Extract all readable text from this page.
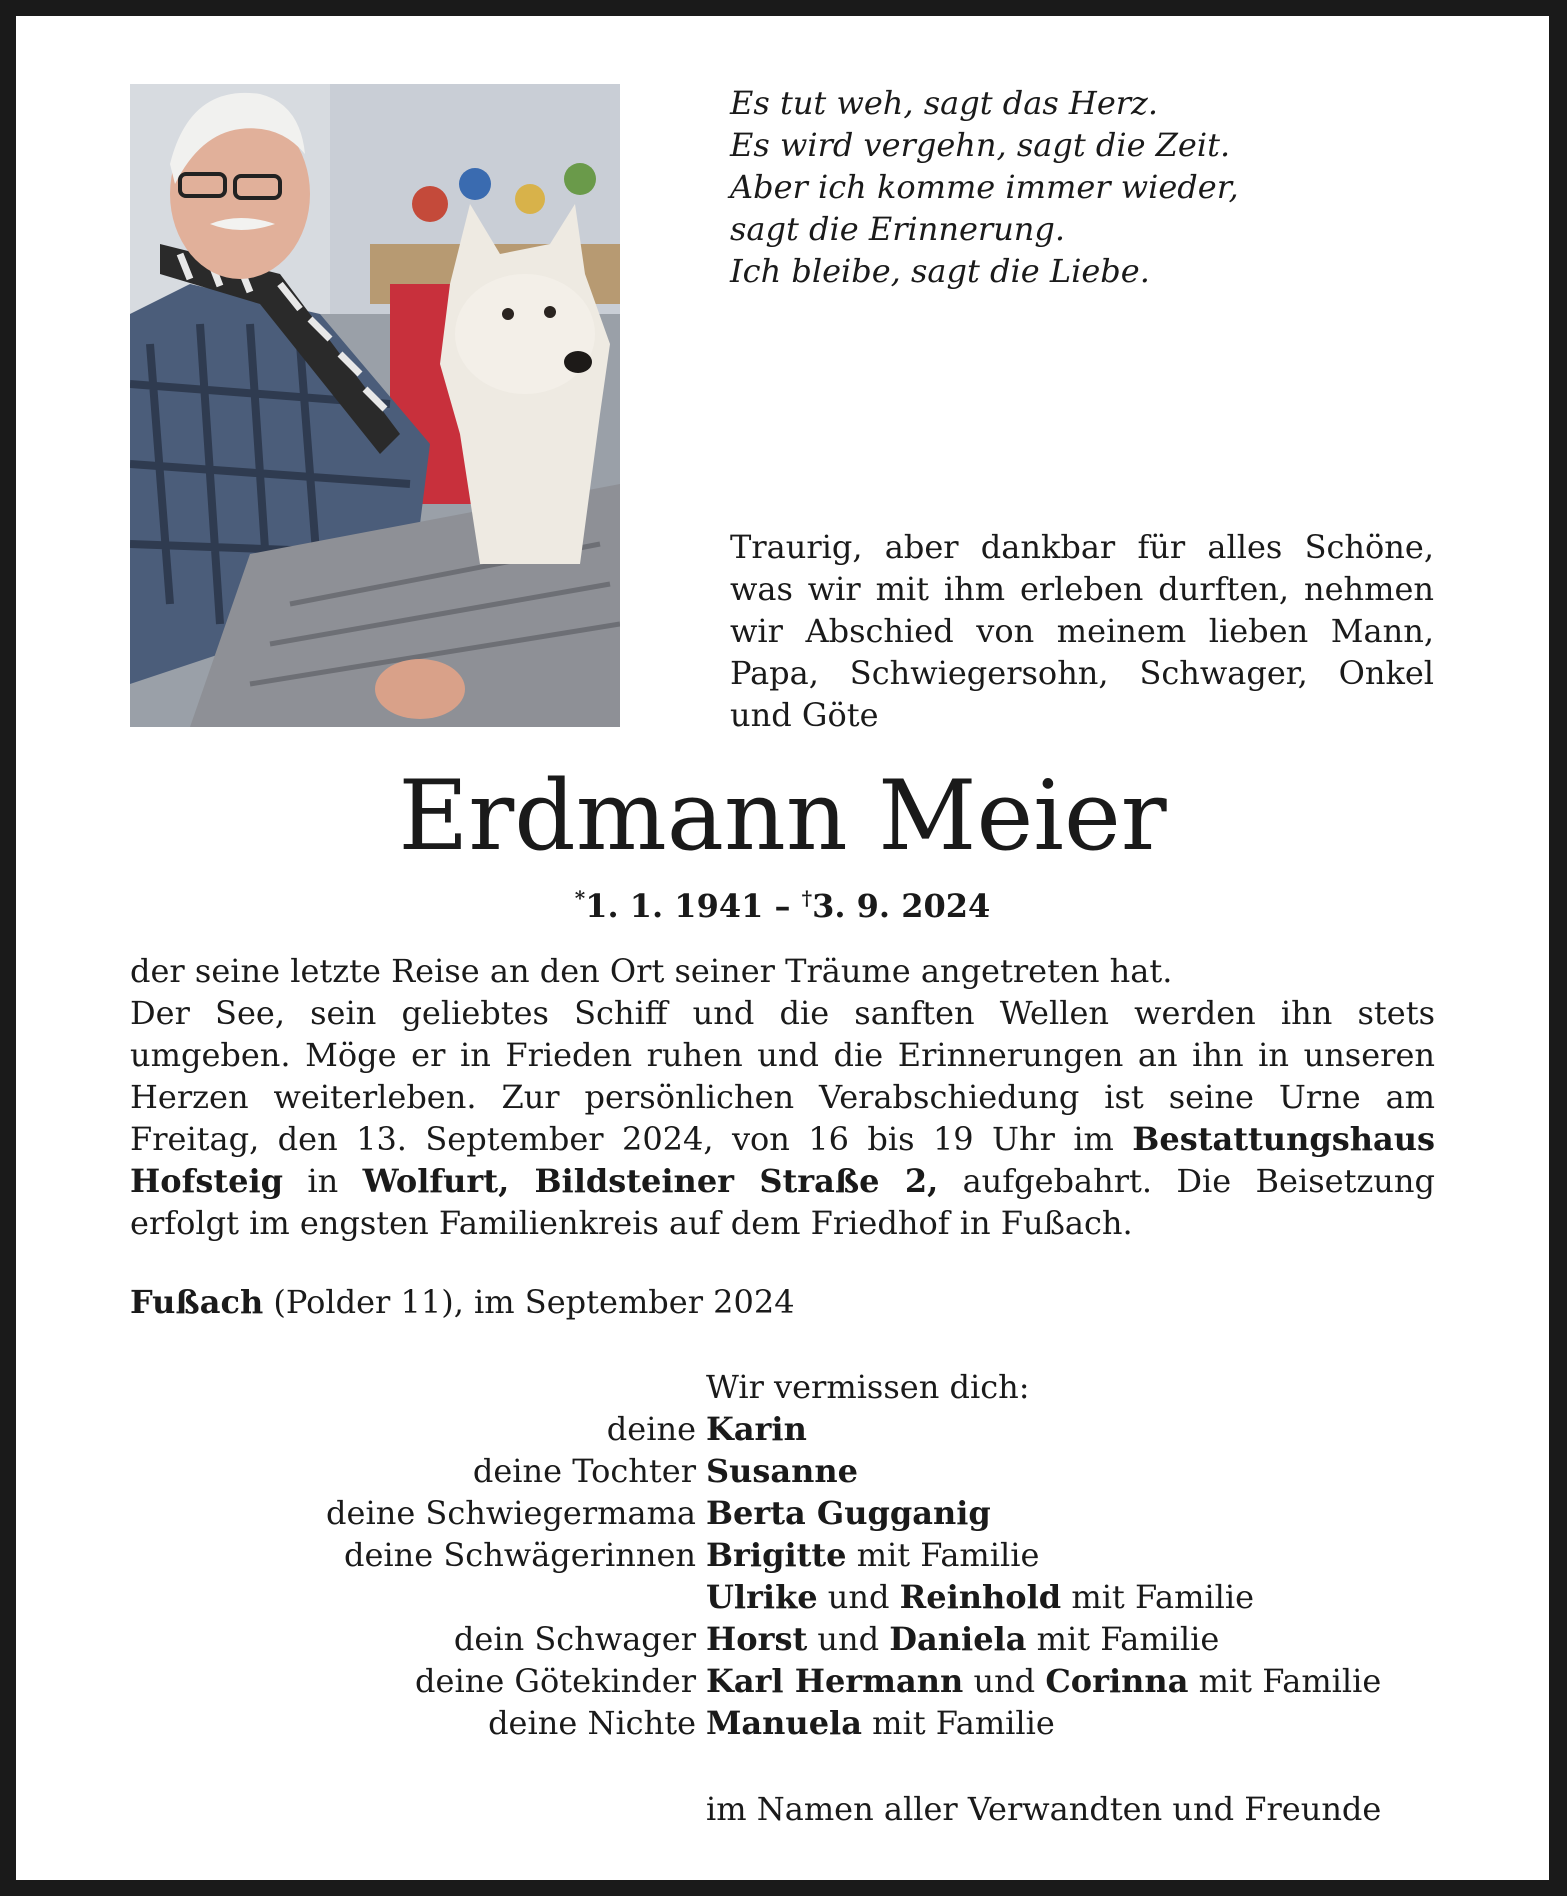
Es tut weh, sagt das Herz.
Es wird vergehn, sagt die Zeit.
Aber ich komme immer wieder,
sagt die Erinnerung.
Ich bleibe, sagt die Liebe.
Traurig, aber dankbar für alles Schöne, was wir mit ihm erleben durften, nehmen wir Abschied von meinem lieben Mann, Papa, Schwiegersohn, Schwager, Onkel und Göte
Erdmann Meier
*1. 1. 1941 – †3. 9. 2024

der seine letzte Reise an den Ort seiner Träume angetreten hat.

Der See, sein geliebtes Schiff und die sanften Wellen werden ihn stets umgeben. Möge er in Frieden ruhen und die Erinnerungen an ihn in unseren Herzen weiterleben. Zur persönlichen Verabschiedung ist seine Urne am Freitag, den 13. September 2024, von 16 bis 19 Uhr im Bestattungshaus Hofsteig in Wolfurt, Bildsteiner Straße 2, aufgebahrt. Die Beisetzung erfolgt im engsten Familienkreis auf dem Friedhof in Fußach.

Fußach (Polder 11), im September 2024
Wir vermissen dich:
deine Karin
deine Tochter Susanne
deine Schwiegermama Berta Gugganig
deine Schwägerinnen Brigitte mit Familie
Ulrike und Reinhold mit Familie
dein Schwager Horst und Daniela mit Familie
deine Götekinder Karl Hermann und Corinna mit Familie
deine Nichte Manuela mit Familie
im Namen aller Verwandten und Freunde
